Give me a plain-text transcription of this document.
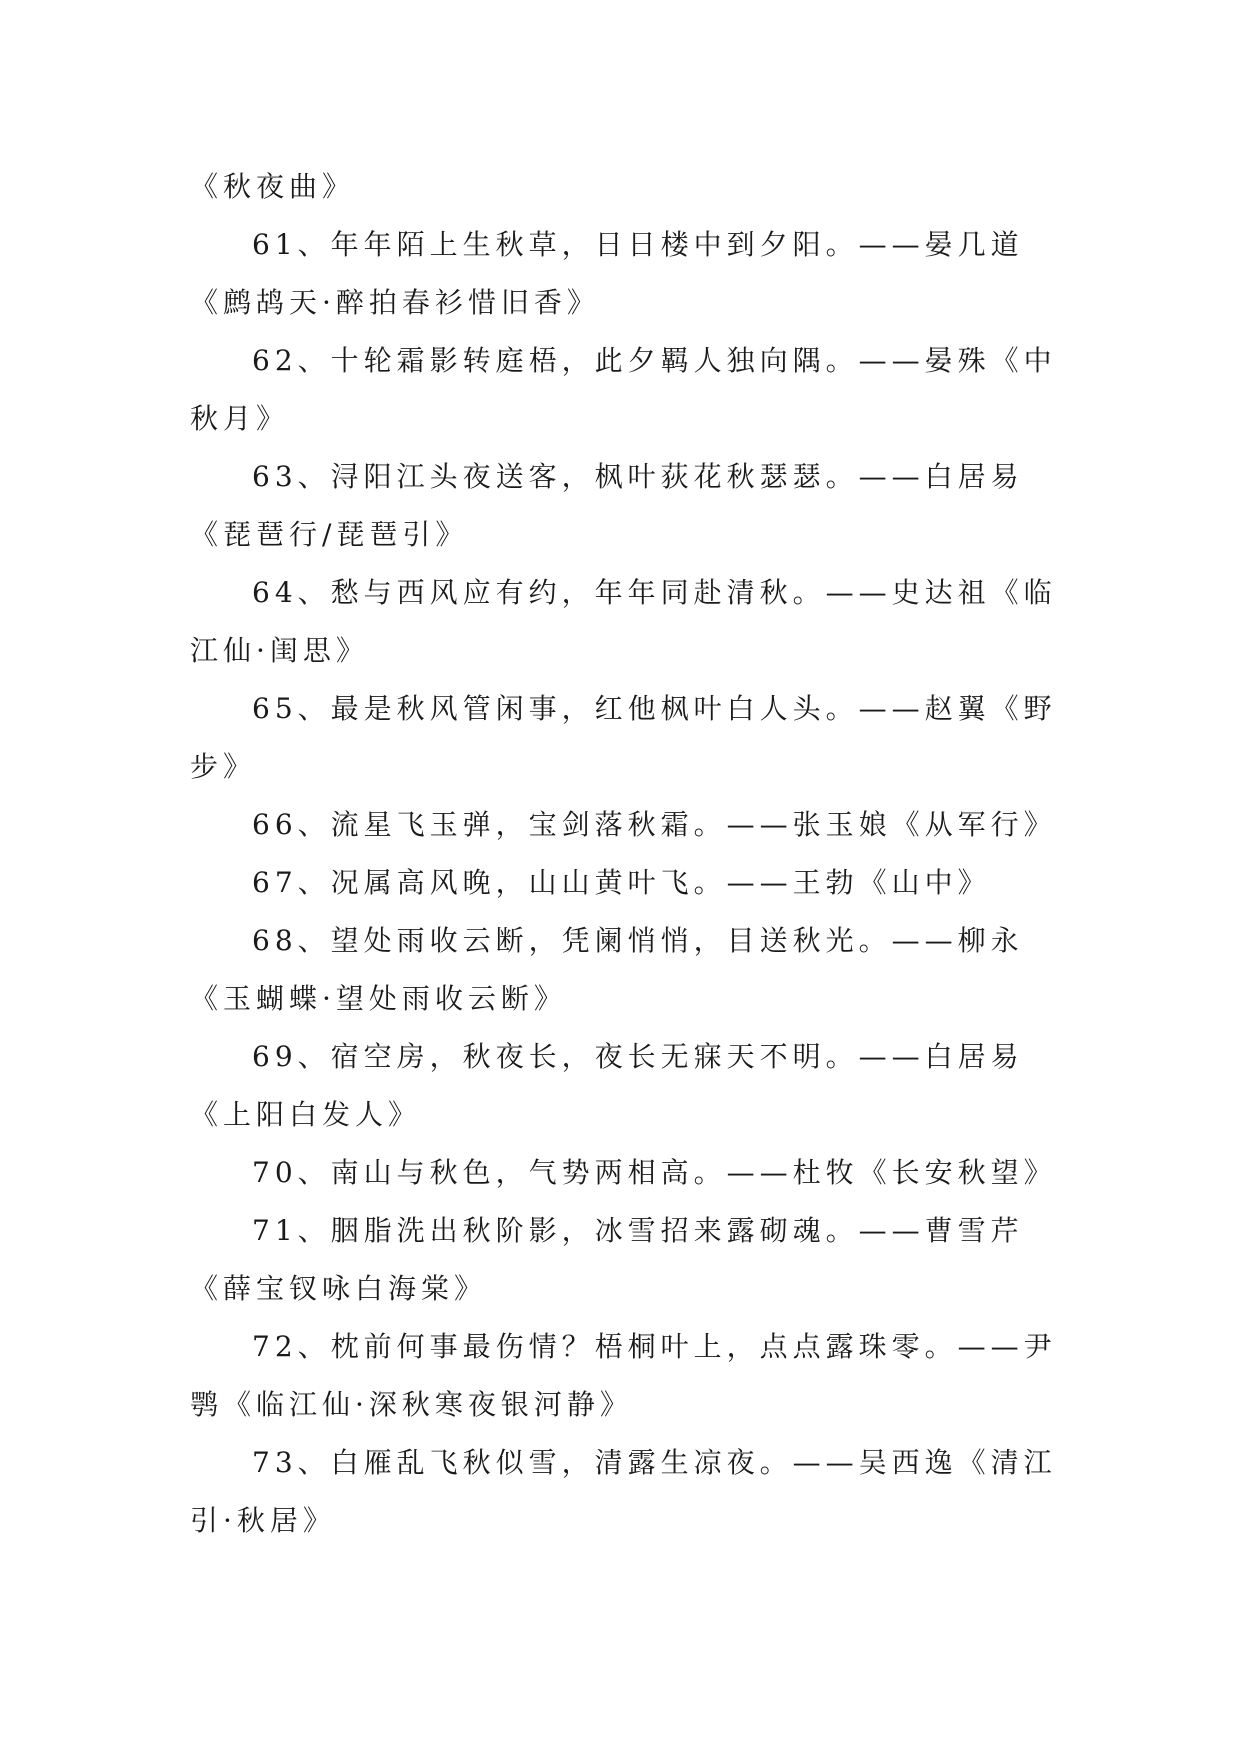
《秋夜曲》

61、年年陌上生秋草，日日楼中到夕阳。——晏几道《鹧鸪天·醉拍春衫惜旧香》

62、十轮霜影转庭梧，此夕羁人独向隅。——晏殊《中秋月》

63、浔阳江头夜送客，枫叶荻花秋瑟瑟。——白居易《琵琶行/琵琶引》

64、愁与西风应有约，年年同赴清秋。——史达祖《临江仙·闺思》

65、最是秋风管闲事，红他枫叶白人头。——赵翼《野步》

66、流星飞玉弹，宝剑落秋霜。——张玉娘《从军行》

67、况属高风晚，山山黄叶飞。——王勃《山中》

68、望处雨收云断，凭阑悄悄，目送秋光。——柳永《玉蝴蝶·望处雨收云断》

69、宿空房，秋夜长，夜长无寐天不明。——白居易《上阳白发人》

70、南山与秋色，气势两相高。——杜牧《长安秋望》

71、胭脂洗出秋阶影，冰雪招来露砌魂。——曹雪芹《薛宝钗咏白海棠》

72、枕前何事最伤情？梧桐叶上，点点露珠零。——尹鹗《临江仙·深秋寒夜银河静》

73、白雁乱飞秋似雪，清露生凉夜。——吴西逸《清江引·秋居》
